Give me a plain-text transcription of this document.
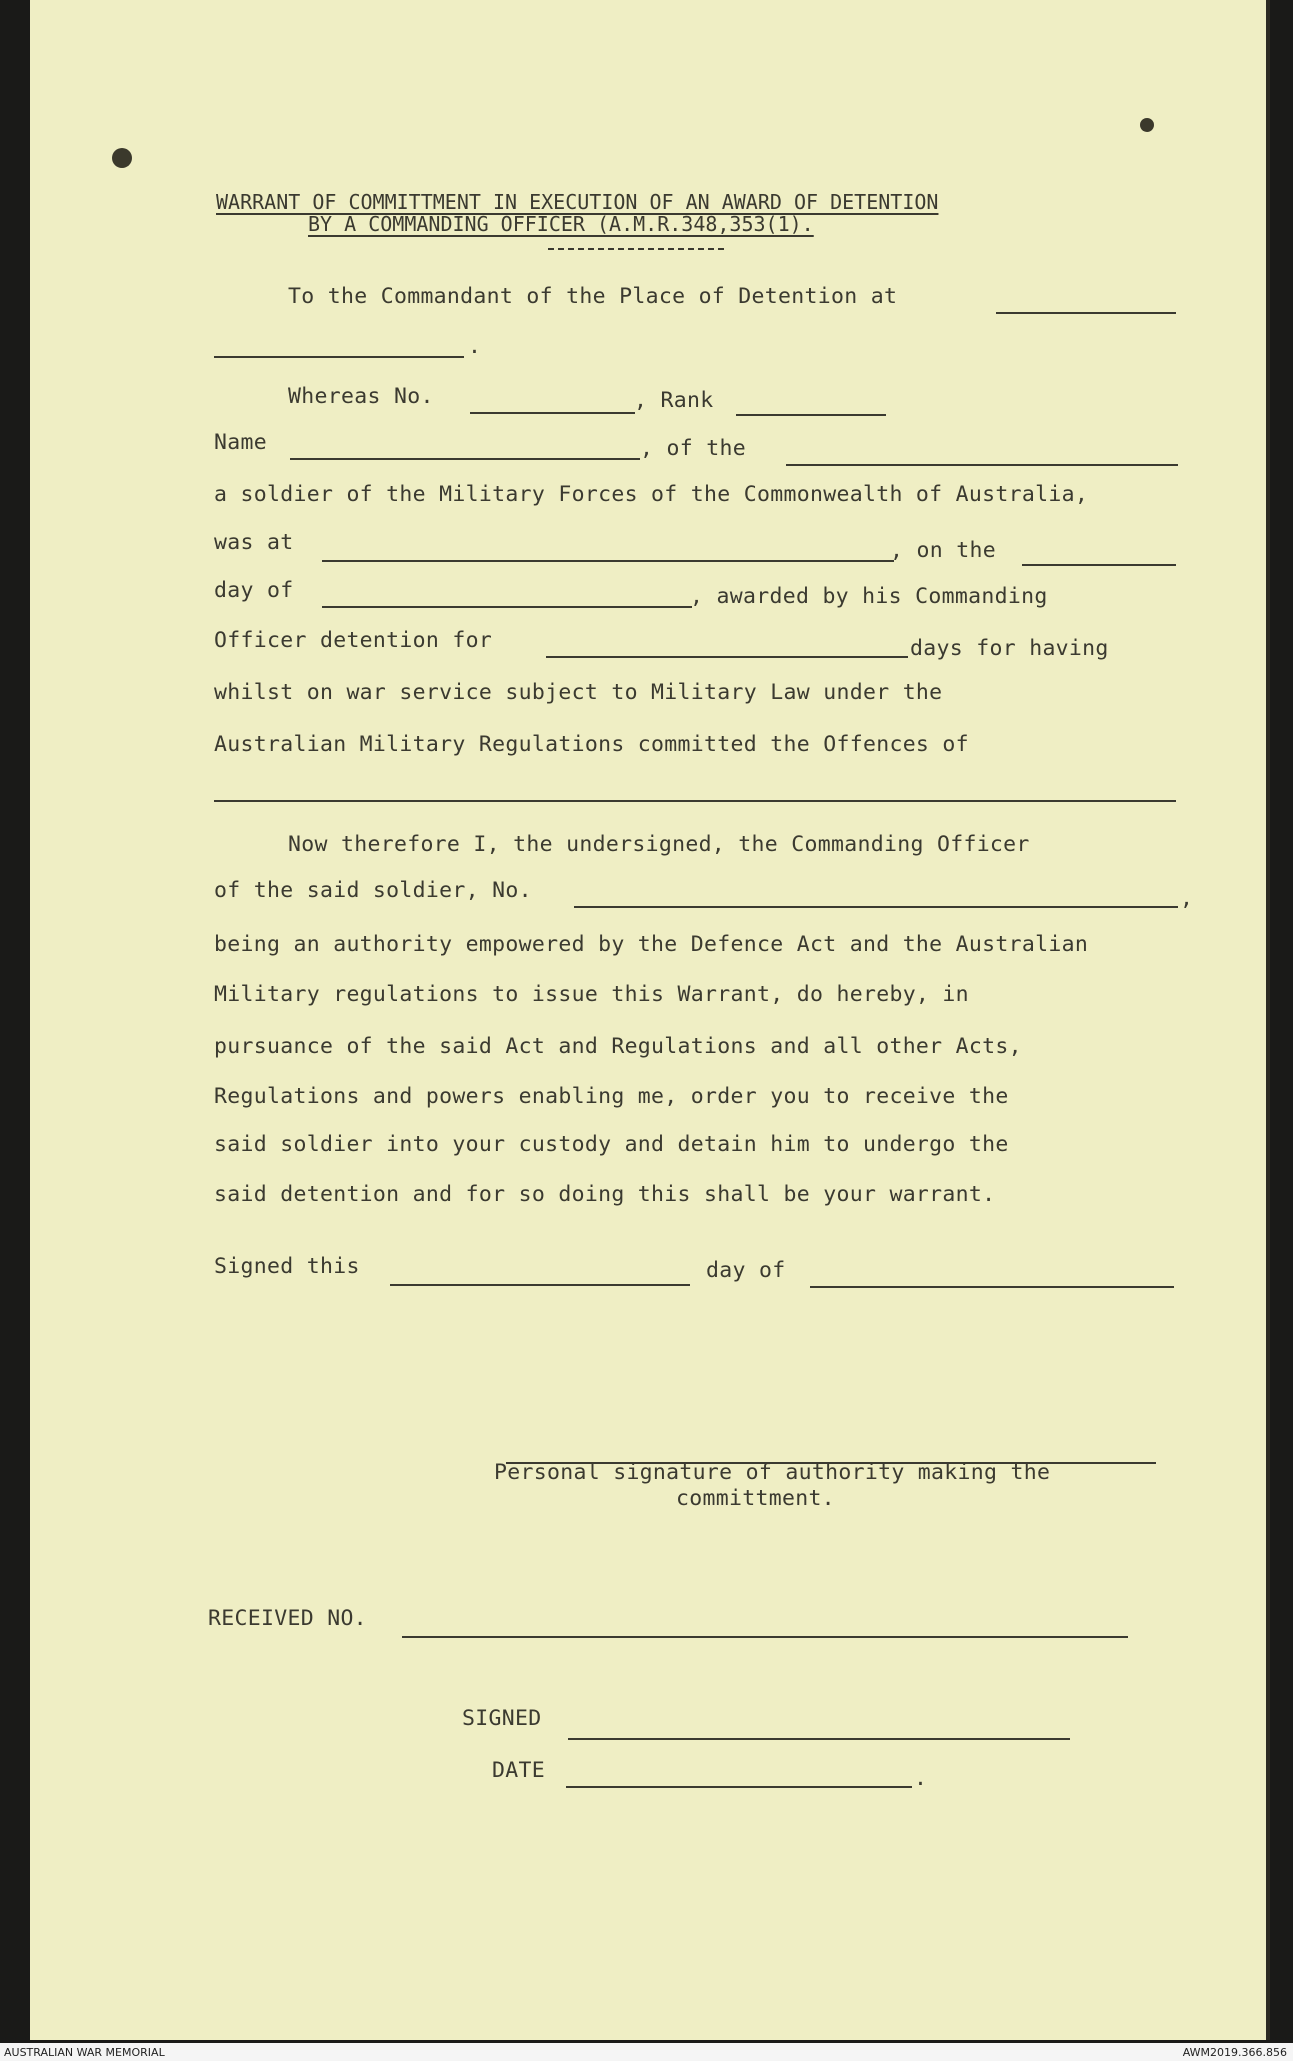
WARRANT OF COMMITTMENT IN EXECUTION OF AN AWARD OF DETENTION
BY A COMMANDING OFFICER (A.M.R.348,353(1).
To the Commandant of the Place of Detention at
.
Whereas No.	, Rank
Name	, of the
a soldier of the Military Forces of the Commonwealth of Australia,
was at	, on the
day of	, awarded by his Commanding
Officer detention for	days for having
whilst on war service subject to Military Law under the
Australian Military Regulations committed the Offences of
Now therefore I, the undersigned, the Commanding Officer
of the said soldier, No.	,
being an authority empowered by the Defence Act and the Australian
Military regulations to issue this Warrant, do hereby, in
pursuance of the said Act and Regulations and all other Acts,
Regulations and powers enabling me, order you to receive the
said soldier into your custody and detain him to undergo the
said detention and for so doing this shall be your warrant.
Signed this	day of
Personal signature of authority making the
committment.
RECEIVED NO.
SIGNED
DATE	.
AUSTRALIAN WAR MEMORIAL	AWM2019.366.856
